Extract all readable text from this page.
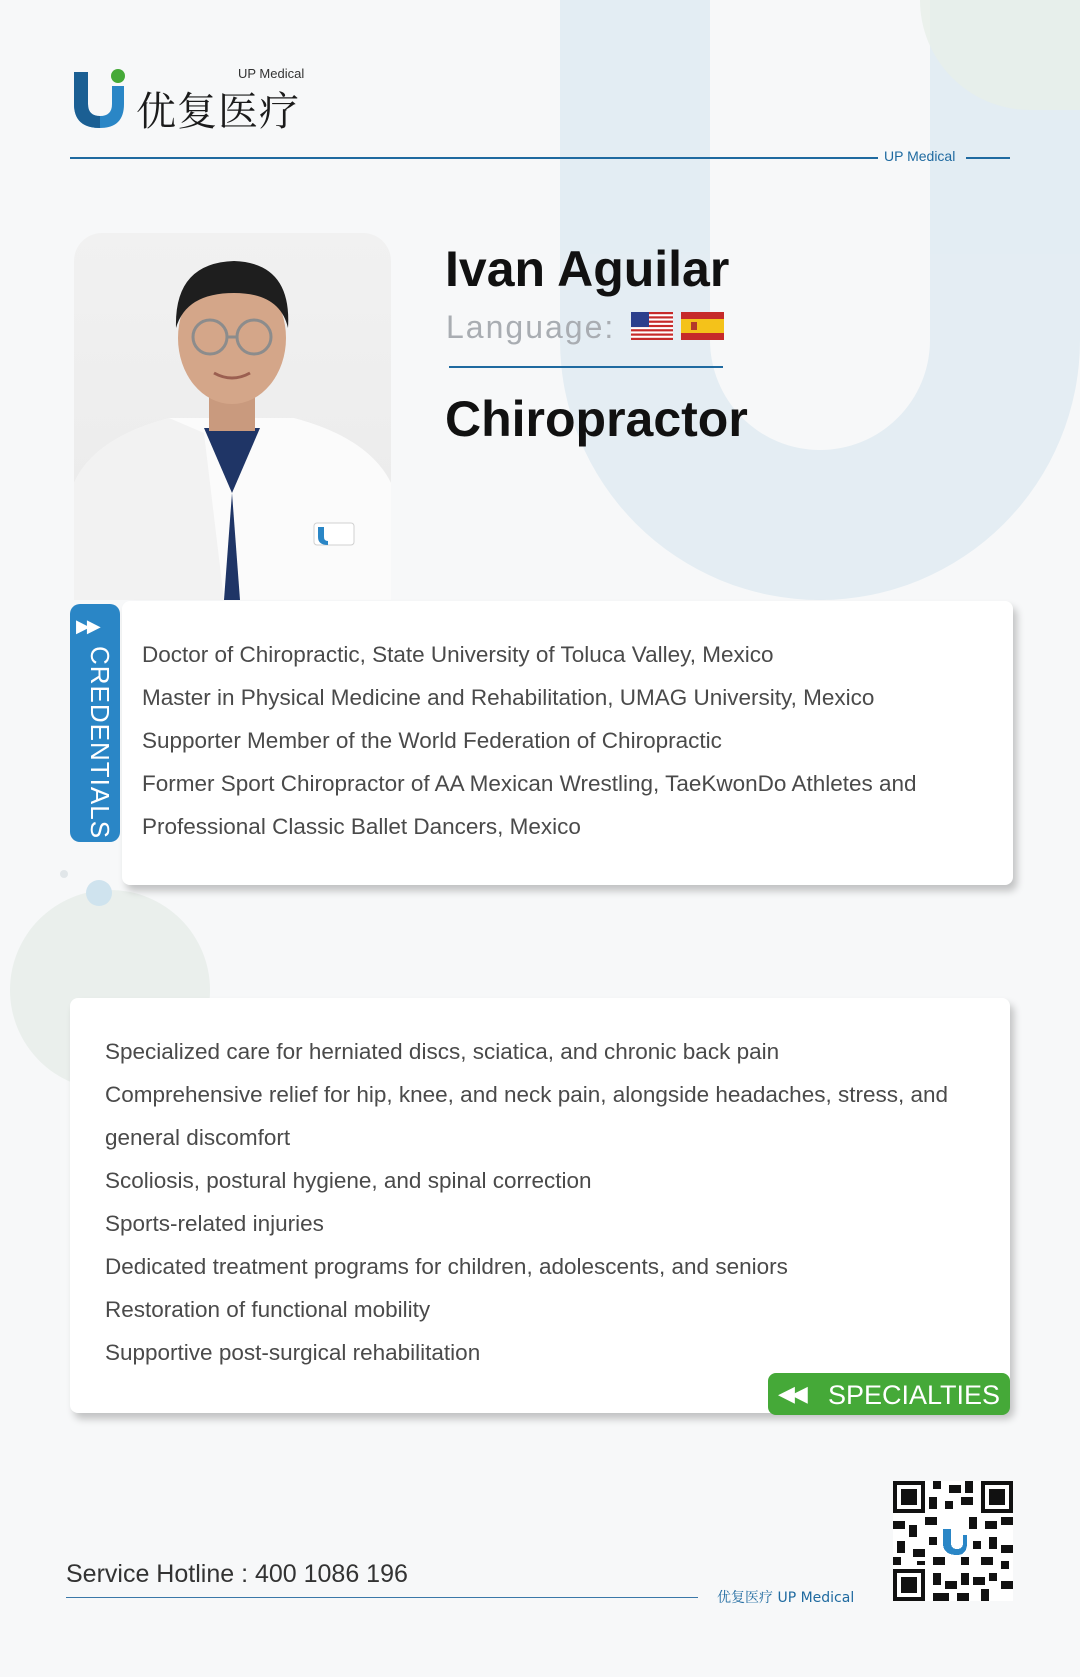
UP Medical
优复医疗
UP Medical
Ivan Aguilar
Language:
Chiropractor
Doctor of Chiropractic, State University of Toluca Valley, Mexico
Master in Physical Medicine and Rehabilitation, UMAG University, Mexico
Supporter Member of the World Federation of Chiropractic
Former Sport Chiropractor of AA Mexican Wrestling, TaeKwonDo Athletes and Professional Classic Ballet Dancers, Mexico
▶▶
CREDENTIALS
Specialized care for herniated discs, sciatica, and chronic back pain
Comprehensive relief for hip, knee, and neck pain, alongside headaches, stress, and general discomfort
Scoliosis, postural hygiene, and spinal correction
Sports-related injuries
Dedicated treatment programs for children, adolescents, and seniors
Restoration of functional mobility
Supportive post-surgical rehabilitation
◀◀ SPECIALTIES
Service Hotline : 400 1086 196
优复医疗 UP Medical
